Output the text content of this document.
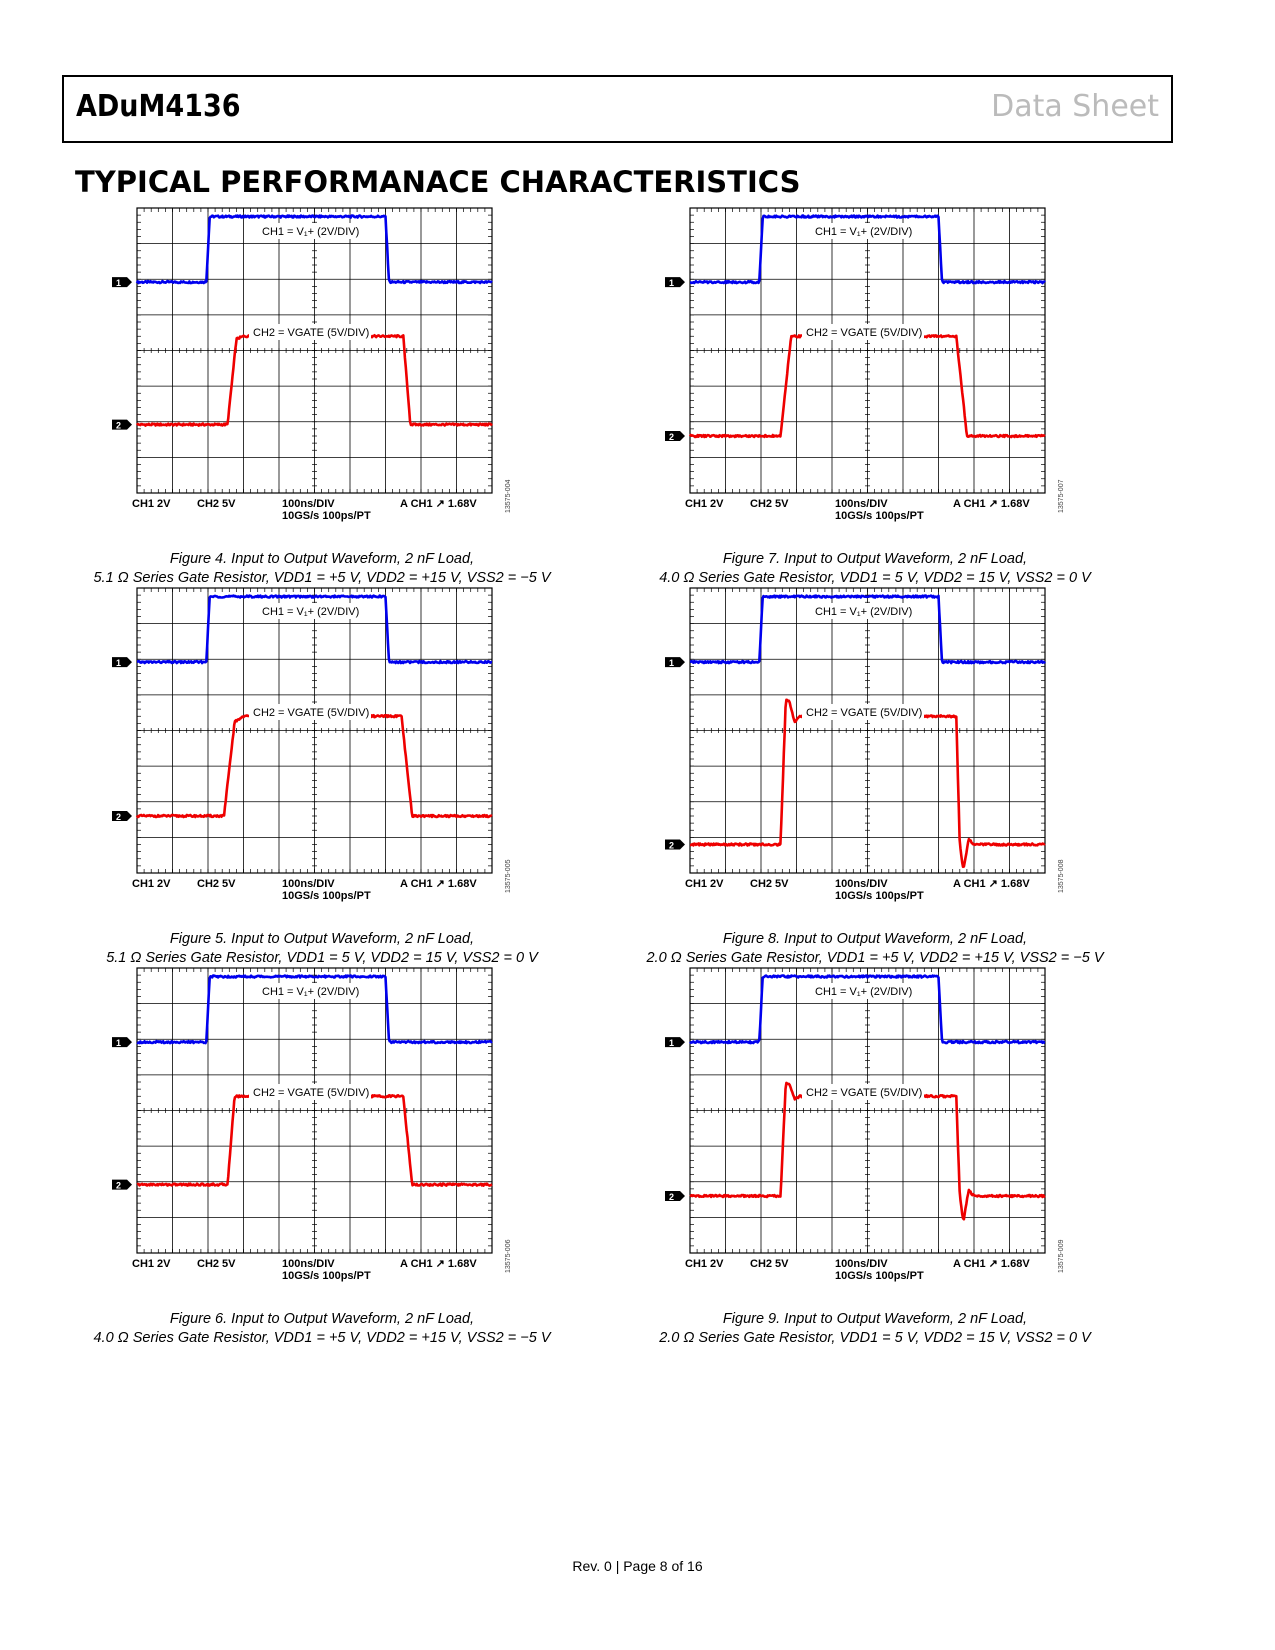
ADuM4136	Data Sheet
TYPICAL PERFORMANACE CHARACTERISTICS
CH1 = V₁+ (2V/DIV)
CH2 = VGATE (5V/DIV)
1
2
CH1 2V CH2 5V	100ns/DIV
10GS/s 100ps/PT
A CH1 ↗ 1.68V	13575-004
Figure 4. Input to Output Waveform, 2 nF Load,
5.1 Ω Series Gate Resistor, VDD1 = +5 V, VDD2 = +15 V, VSS2 = −5 V
CH1 = V₁+ (2V/DIV)
CH2 = VGATE (5V/DIV)
1
2
CH1 2V CH2 5V	100ns/DIV
10GS/s 100ps/PT
A CH1 ↗ 1.68V	13575-005
Figure 5. Input to Output Waveform, 2 nF Load,
5.1 Ω Series Gate Resistor, VDD1 = 5 V, VDD2 = 15 V, VSS2 = 0 V
CH1 = V₁+ (2V/DIV)
CH2 = VGATE (5V/DIV)
1
2
CH1 2V CH2 5V	100ns/DIV
10GS/s 100ps/PT
A CH1 ↗ 1.68V	13575-006
Figure 6. Input to Output Waveform, 2 nF Load,
4.0 Ω Series Gate Resistor, VDD1 = +5 V, VDD2 = +15 V, VSS2 = −5 V
CH1 = V₁+ (2V/DIV)
CH2 = VGATE (5V/DIV)
1
2
CH1 2V CH2 5V	100ns/DIV
10GS/s 100ps/PT
A CH1 ↗ 1.68V	13575-007
Figure 7. Input to Output Waveform, 2 nF Load,
4.0 Ω Series Gate Resistor, VDD1 = 5 V, VDD2 = 15 V, VSS2 = 0 V
CH1 = V₁+ (2V/DIV)
CH2 = VGATE (5V/DIV)
1
2
CH1 2V CH2 5V	100ns/DIV
10GS/s 100ps/PT
A CH1 ↗ 1.68V	13575-008
Figure 8. Input to Output Waveform, 2 nF Load,
2.0 Ω Series Gate Resistor, VDD1 = +5 V, VDD2 = +15 V, VSS2 = −5 V
CH1 = V₁+ (2V/DIV)
CH2 = VGATE (5V/DIV)
1
2
CH1 2V CH2 5V	100ns/DIV
10GS/s 100ps/PT
A CH1 ↗ 1.68V	13575-009
Figure 9. Input to Output Waveform, 2 nF Load,
2.0 Ω Series Gate Resistor, VDD1 = 5 V, VDD2 = 15 V, VSS2 = 0 V
Rev. 0 | Page 8 of 16
